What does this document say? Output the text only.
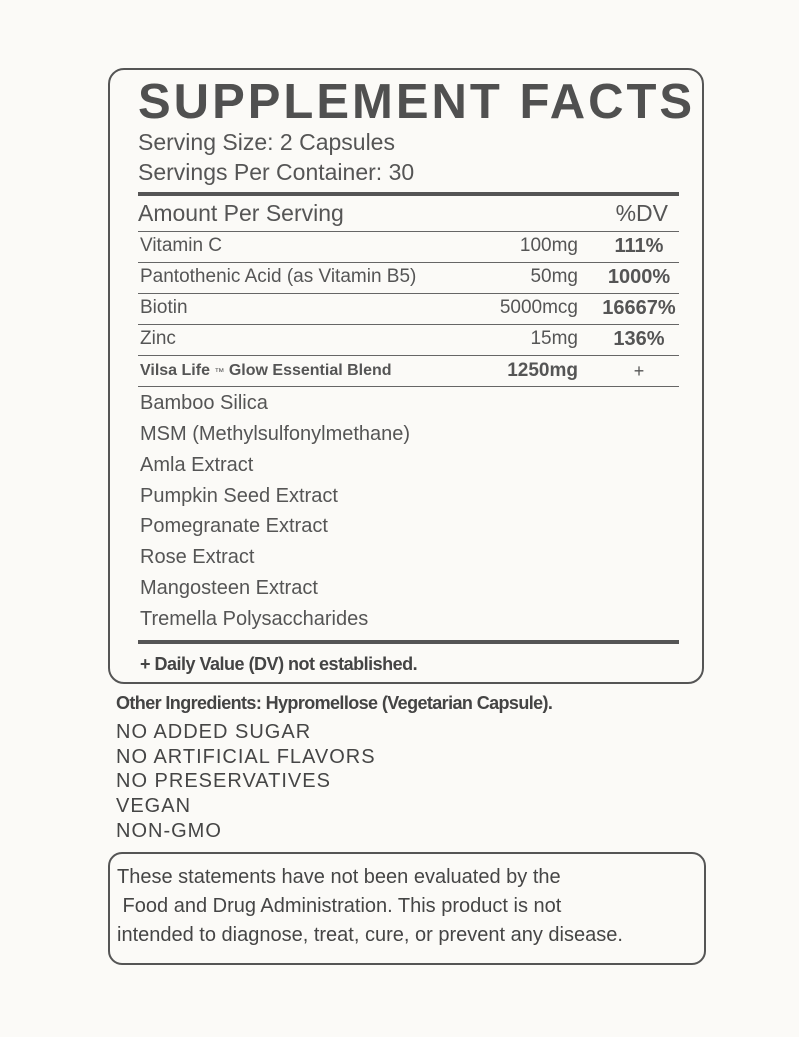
SUPPLEMENT FACTS
Serving Size: 2 Capsules
Servings Per Container: 30
Amount Per Serving	%DV
Vitamin C	100mg	111%
Pantothenic Acid (as Vitamin B5)	50mg	1000%
Biotin	5000mcg	16667%
Zinc	15mg	136%
Vilsa Life ™ Glow Essential Blend	1250mg	+
Bamboo Silica
MSM (Methylsulfonylmethane)
Amla Extract
Pumpkin Seed Extract
Pomegranate Extract
Rose Extract
Mangosteen Extract
Tremella Polysaccharides
+ Daily Value (DV) not established.
Other Ingredients: Hypromellose (Vegetarian Capsule).
NO ADDED SUGAR
NO ARTIFICIAL FLAVORS
NO PRESERVATIVES
VEGAN
NON-GMO
These statements have not been evaluated by the
Food and Drug Administration. This product is not
intended to diagnose, treat, cure, or prevent any disease.
